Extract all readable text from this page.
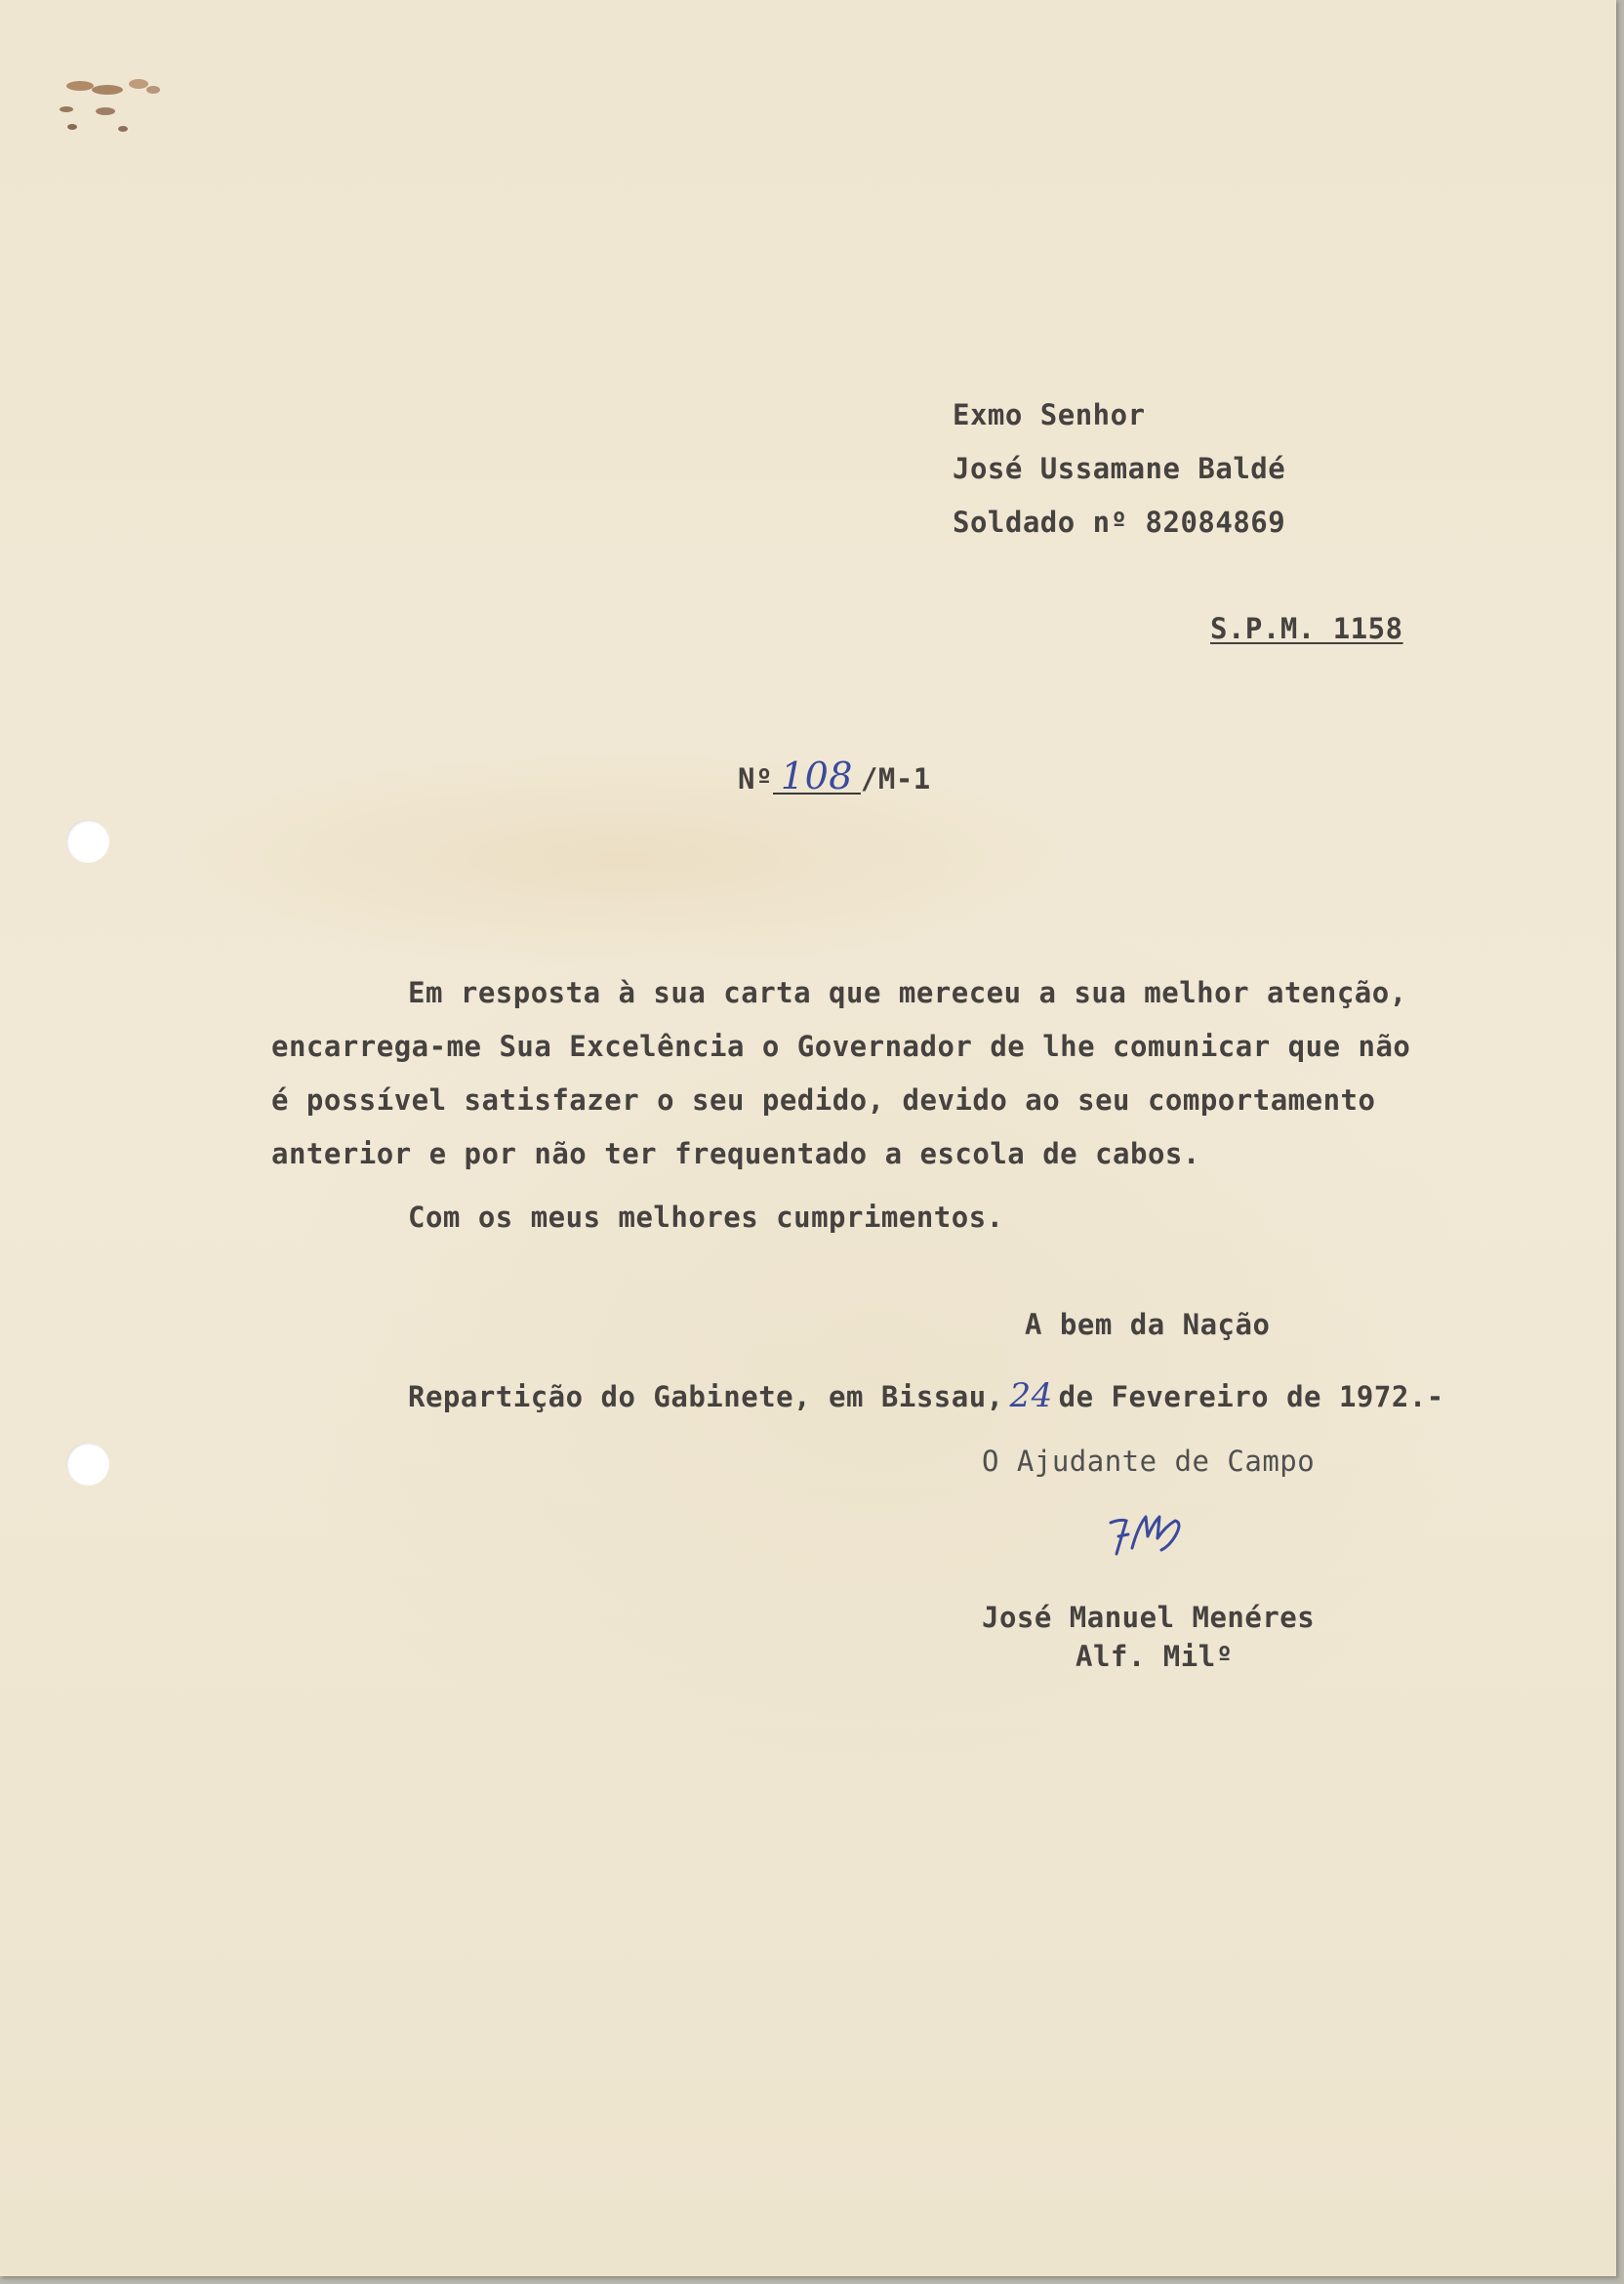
Exmo Senhor
José Ussamane Baldé
Soldado nº 82084869
S.P.M. 1158
Nº 108 /M-1
Em resposta à sua carta que mereceu a sua melhor atenção,
encarrega-me Sua Excelência o Governador de lhe comunicar que não
é possível satisfazer o seu pedido, devido ao seu comportamento
anterior e por não ter frequentado a escola de cabos.
Com os meus melhores cumprimentos.
A bem da Nação
Repartição do Gabinete, em Bissau, 24 de Fevereiro de 1972.-
O Ajudante de Campo
José Manuel Menéres
Alf. Milº
